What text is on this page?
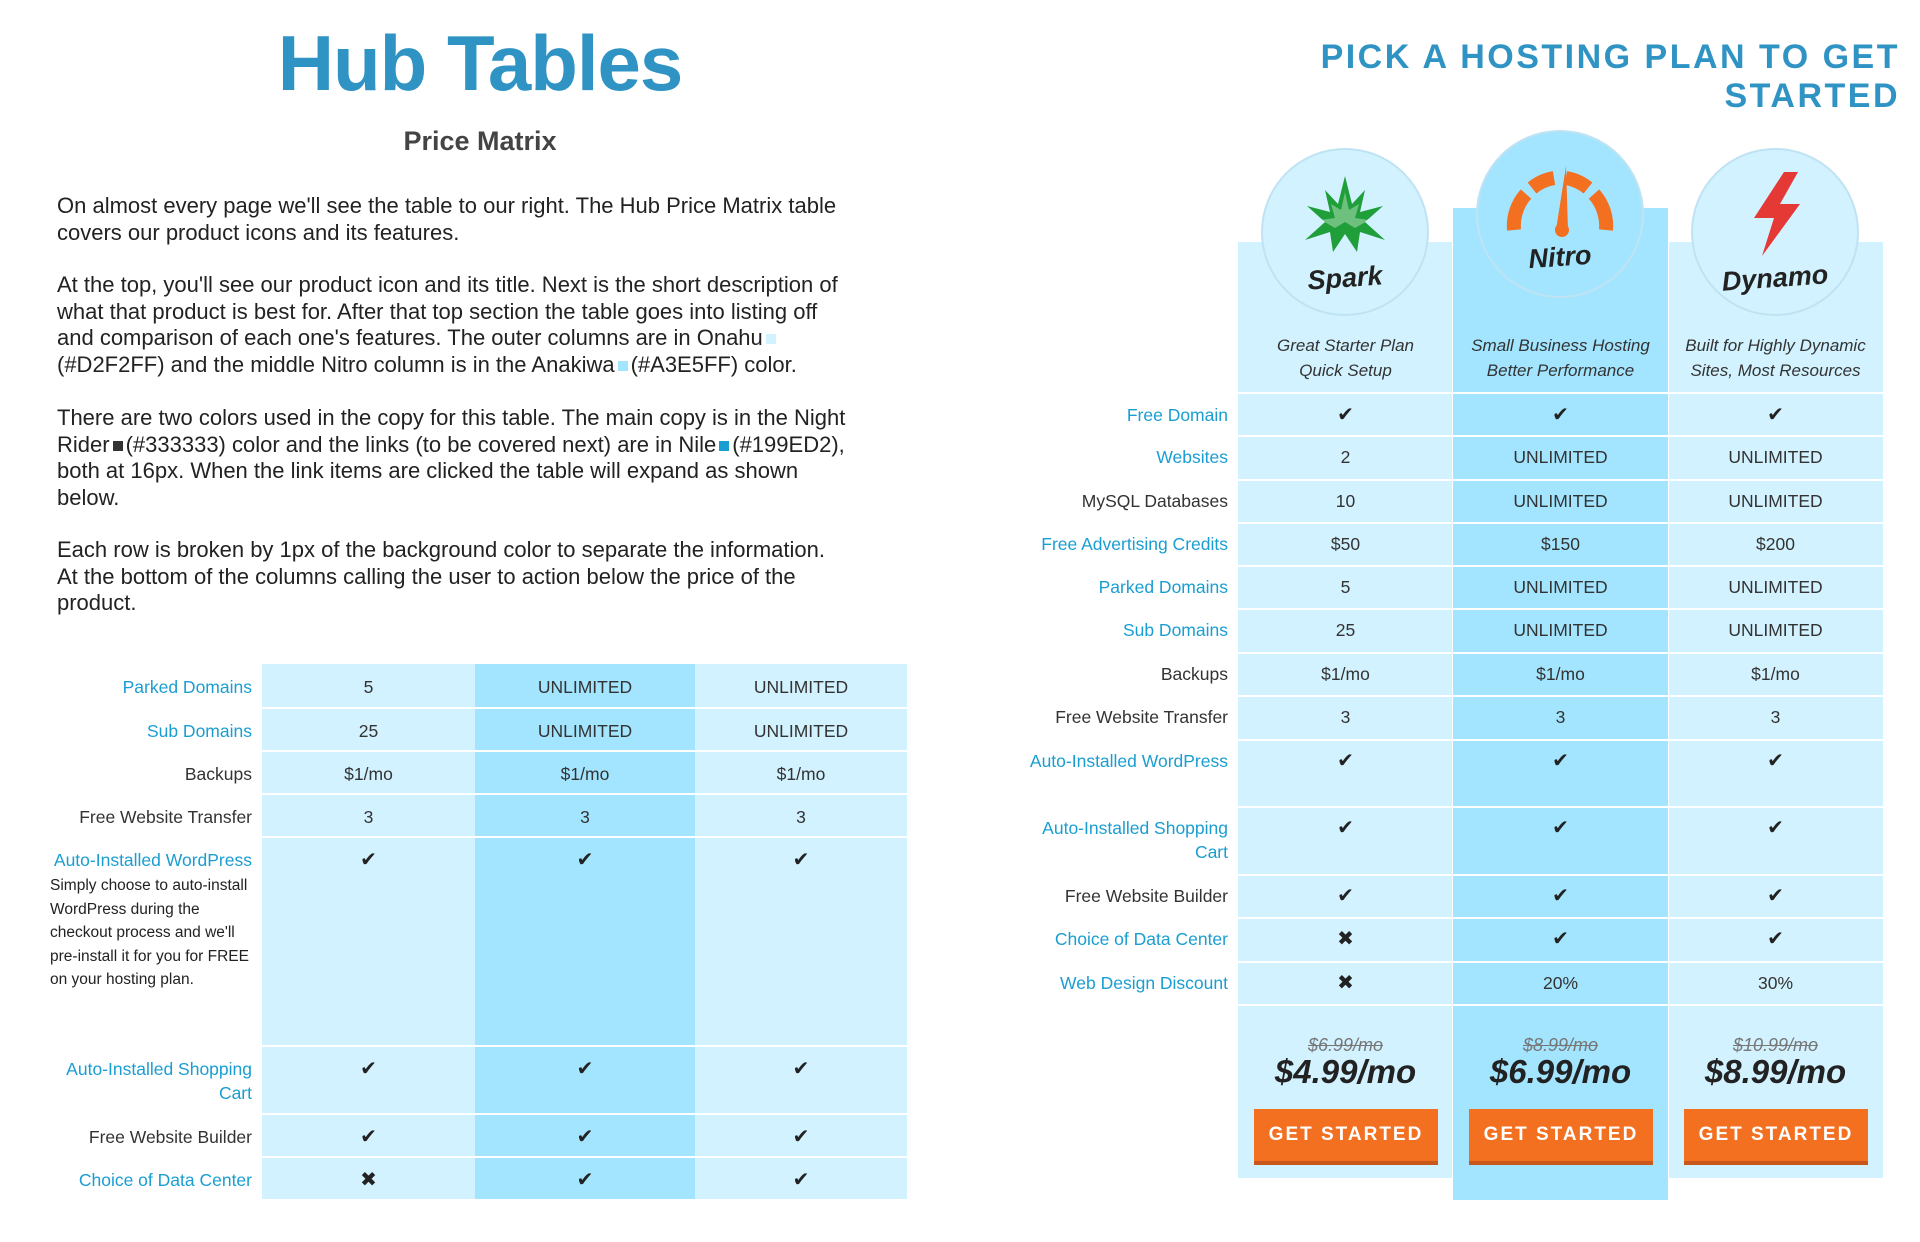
Hub Tables
Price Matrix

On almost every page we'll see the table to our right. The Hub Price Matrix table covers our product icons and its features.

At the top, you'll see our product icon and its title. Next is the short description of what that product is best for. After that top section the table goes into listing off and comparison of each one's features. The outer columns are in Onahu
(#D2F2FF) and the middle Nitro column is in the Anakiwa (#A3E5FF) color.

There are two colors used in the copy for this table. The main copy is in the Night Rider (#333333) color and the links (to be covered next) are in Nile (#199ED2), both at 16px. When the link items are clicked the table will expand as shown below.

Each row is broken by 1px of the background color to separate the information. At the bottom of the columns calling the user to action below the price of the product.

Parked Domains	5	UNLIMITED	UNLIMITED
Sub Domains	25	UNLIMITED	UNLIMITED
Backups	$1/mo	$1/mo	$1/mo
Free Website Transfer	3	3	3
Auto-Installed WordPress
Simply choose to auto-install WordPress during the checkout process and we'll pre-install it for you for FREE on your hosting plan.
✔	✔	✔
Auto-Installed Shopping Cart
✔	✔	✔
Free Website Builder	✔	✔	✔
Choice of Data Center	✖	✔	✔
PICK A HOSTING PLAN TO GET STARTED
Spark
Nitro
Dynamo
Great Starter Plan
Quick Setup
Small Business Hosting
Better Performance
Built for Highly Dynamic
Sites, Most Resources
Free Domain	✔	✔	✔
Websites	2	UNLIMITED	UNLIMITED
MySQL Databases	10	UNLIMITED	UNLIMITED
Free Advertising Credits	$50	$150	$200
Parked Domains	5	UNLIMITED	UNLIMITED
Sub Domains	25	UNLIMITED	UNLIMITED
Backups	$1/mo	$1/mo	$1/mo
Free Website Transfer	3	3	3
Auto-Installed WordPress	✔	✔	✔
Auto-Installed Shopping Cart
✔	✔	✔
Free Website Builder	✔	✔	✔
Choice of Data Center	✖	✔	✔
Web Design Discount	✖	20%	30%
$6.99/mo	$8.99/mo	$10.99/mo
$4.99/mo	$6.99/mo	$8.99/mo
GET STARTED	GET STARTED	GET STARTED
